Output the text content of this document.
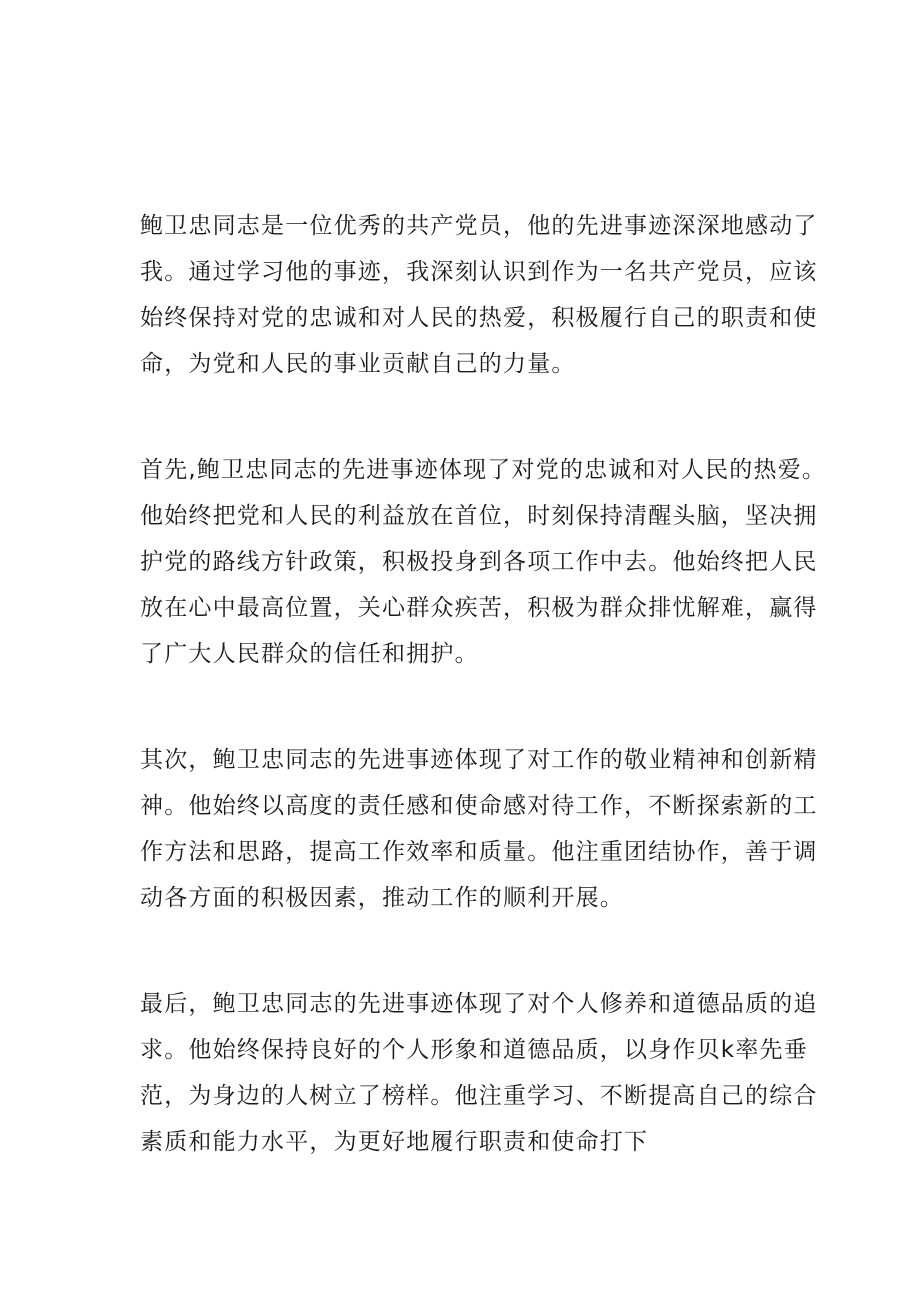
鲍卫忠同志是一位优秀的共产党员，他的先进事迹深深地感动了
我。通过学习他的事迹，我深刻认识到作为一名共产党员，应该
始终保持对党的忠诚和对人民的热爱，积极履行自己的职责和使
命，为党和人民的事业贡献自己的力量。

首先,鲍卫忠同志的先进事迹体现了对党的忠诚和对人民的热爱。
他始终把党和人民的利益放在首位，时刻保持清醒头脑，坚决拥
护党的路线方针政策，积极投身到各项工作中去。他始终把人民
放在心中最高位置，关心群众疾苦，积极为群众排忧解难，赢得
了广大人民群众的信任和拥护。

其次，鲍卫忠同志的先进事迹体现了对工作的敬业精神和创新精
神。他始终以高度的责任感和使命感对待工作，不断探索新的工
作方法和思路，提高工作效率和质量。他注重团结协作，善于调
动各方面的积极因素，推动工作的顺利开展。

最后，鲍卫忠同志的先进事迹体现了对个人修养和道德品质的追
求。他始终保持良好的个人形象和道德品质，以身作贝k率先垂
范，为身边的人树立了榜样。他注重学习、不断提高自己的综合
素质和能力水平，为更好地履行职责和使命打下
